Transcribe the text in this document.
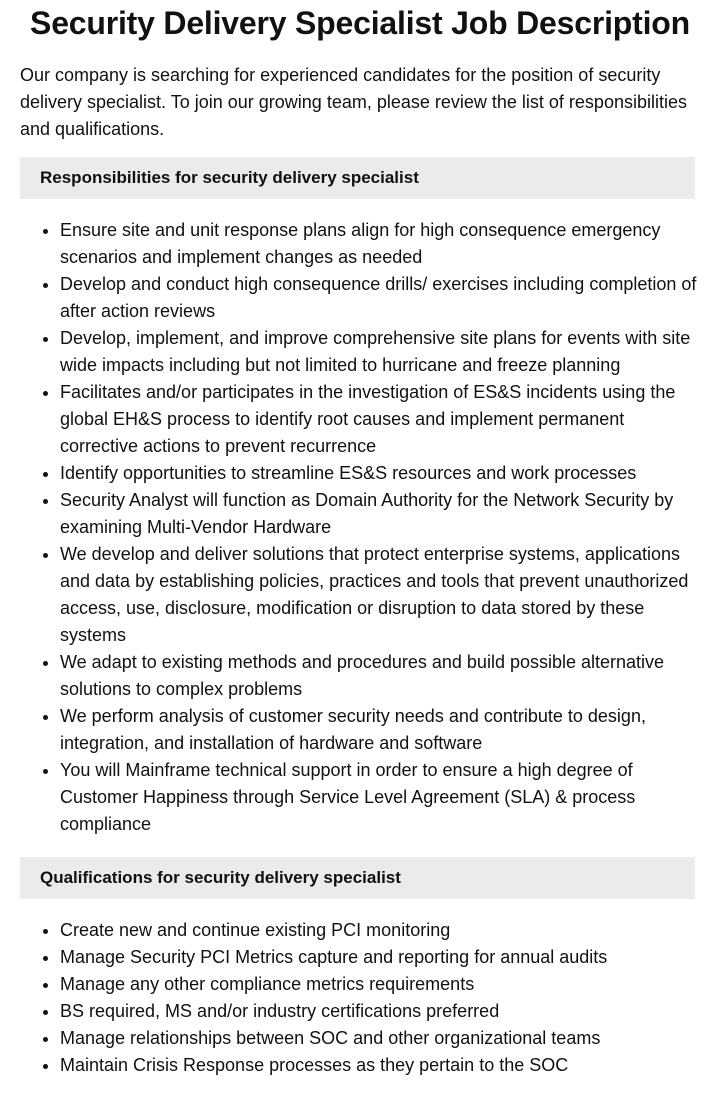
Security Delivery Specialist Job Description

Our company is searching for experienced candidates for the position of security delivery specialist. To join our growing team, please review the list of responsibilities and qualifications.

Responsibilities for security delivery specialist
• Ensure site and unit response plans align for high consequence emergency scenarios and implement changes as needed
• Develop and conduct high consequence drills/ exercises including completion of after action reviews
• Develop, implement, and improve comprehensive site plans for events with site wide impacts including but not limited to hurricane and freeze planning
• Facilitates and/or participates in the investigation of ES&S incidents using the global EH&S process to identify root causes and implement permanent corrective actions to prevent recurrence
• Identify opportunities to streamline ES&S resources and work processes
• Security Analyst will function as Domain Authority for the Network Security by examining Multi-Vendor Hardware
• We develop and deliver solutions that protect enterprise systems, applications and data by establishing policies, practices and tools that prevent unauthorized access, use, disclosure, modification or disruption to data stored by these systems
• We adapt to existing methods and procedures and build possible alternative solutions to complex problems
• We perform analysis of customer security needs and contribute to design, integration, and installation of hardware and software
• You will Mainframe technical support in order to ensure a high degree of Customer Happiness through Service Level Agreement (SLA) & process compliance
Qualifications for security delivery specialist
• Create new and continue existing PCI monitoring
• Manage Security PCI Metrics capture and reporting for annual audits
• Manage any other compliance metrics requirements
• BS required, MS and/or industry certifications preferred
• Manage relationships between SOC and other organizational teams
• Maintain Crisis Response processes as they pertain to the SOC
